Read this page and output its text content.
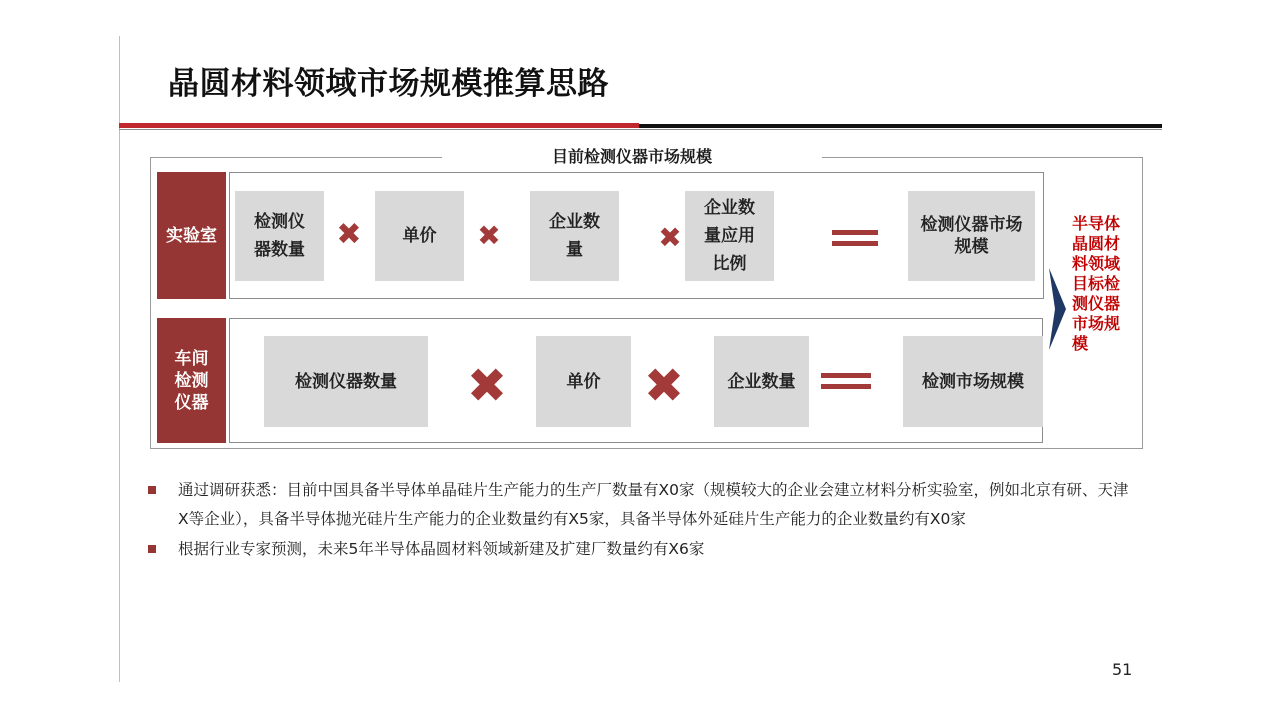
晶圆材料领域市场规模推算思路
目前检测仪器市场规模
实验室
检测仪器数量	✖	单价	✖	企业数量	✖
企业数量应用比例
检测仪器市场规模
车间检测仪器
检测仪器数量	✖	单价 ✖	企业数量	检测市场规模
半导体晶圆材料领域目标检测仪器市场规模
通过调研获悉：目前中国具备半导体单晶硅片生产能力的生产厂数量有X0家（规模较大的企业会建立材料分析实验室，例如北京有研、天津X等企业），具备半导体抛光硅片生产能力的企业数量约有X5家，具备半导体外延硅片生产能力的企业数量约有X0家
根据行业专家预测，未来5年半导体晶圆材料领域新建及扩建厂数量约有X6家
51
